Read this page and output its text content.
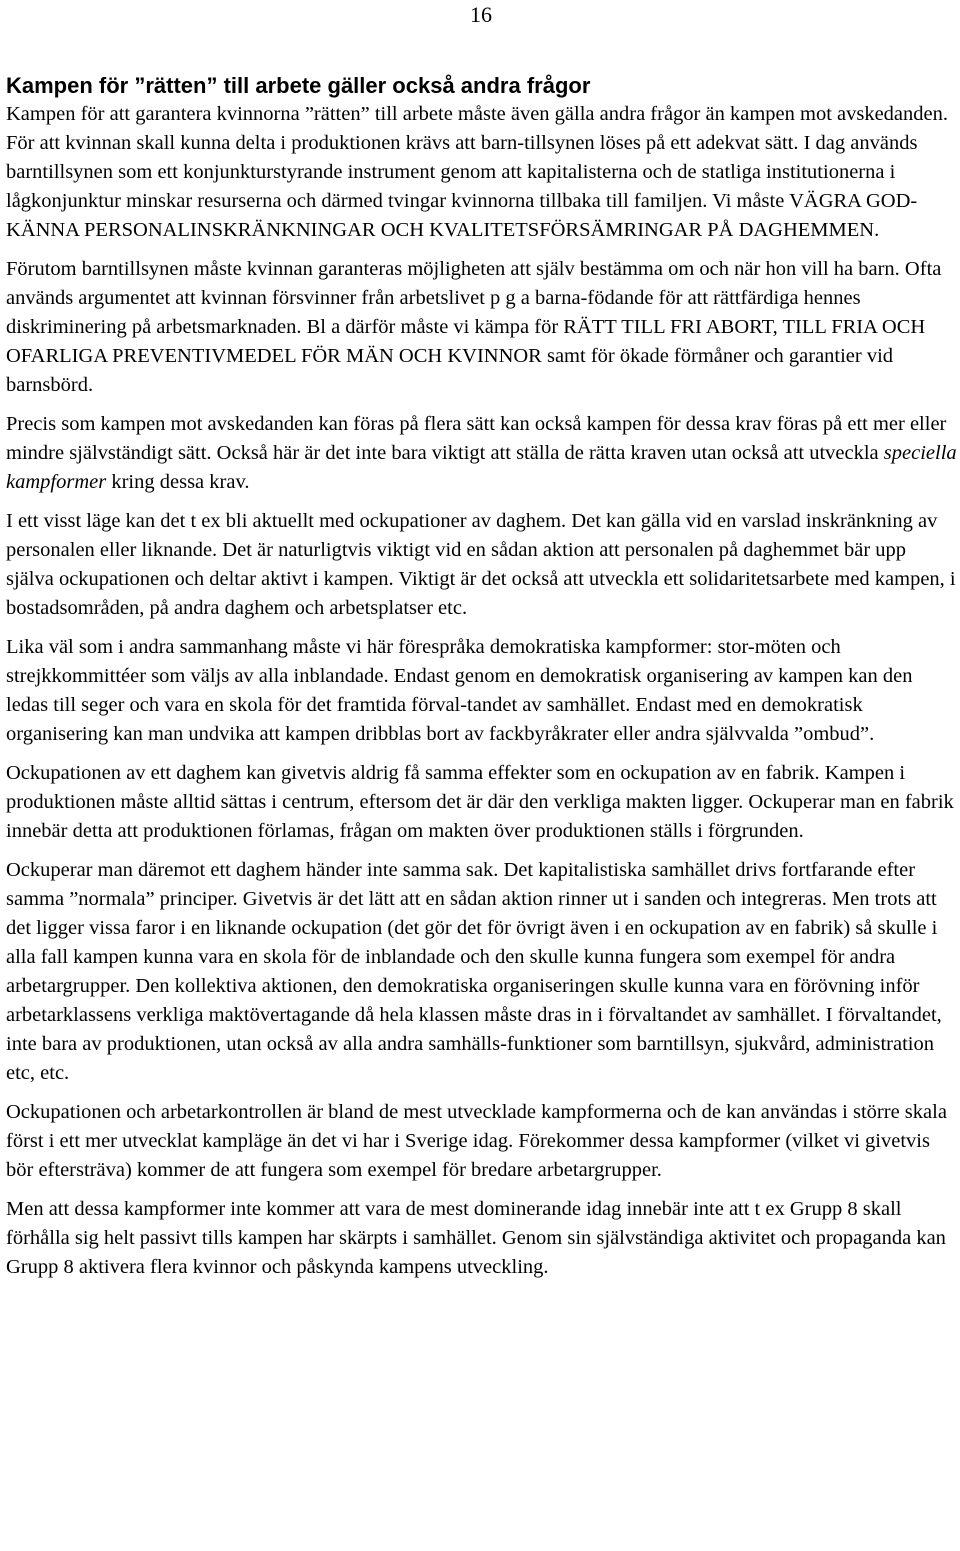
16
Kampen för ”rätten” till arbete gäller också andra frågor

Kampen för att garantera kvinnorna ”rätten” till arbete måste även gälla andra frågor än kampen mot avskedanden. För att kvinnan skall kunna delta i produktionen krävs att barn-tillsynen löses på ett adekvat sätt. I dag används barntillsynen som ett konjunkturstyrande instrument genom att kapitalisterna och de statliga institutionerna i lågkonjunktur minskar resurserna och därmed tvingar kvinnorna tillbaka till familjen. Vi måste VÄGRA GOD-KÄNNA PERSONALINSKRÄNKNINGAR OCH KVALITETSFÖRSÄMRINGAR PÅ DAGHEMMEN.

Förutom barntillsynen måste kvinnan garanteras möjligheten att själv bestämma om och när hon vill ha barn. Ofta används argumentet att kvinnan försvinner från arbetslivet p g a barna-födande för att rättfärdiga hennes diskriminering på arbetsmarknaden. Bl a därför måste vi kämpa för RÄTT TILL FRI ABORT, TILL FRIA OCH OFARLIGA PREVENTIVMEDEL FÖR MÄN OCH KVINNOR samt för ökade förmåner och garantier vid barnsbörd.

Precis som kampen mot avskedanden kan föras på flera sätt kan också kampen för dessa krav föras på ett mer eller mindre självständigt sätt. Också här är det inte bara viktigt att ställa de rätta kraven utan också att utveckla speciella kampformer kring dessa krav.

I ett visst läge kan det t ex bli aktuellt med ockupationer av daghem. Det kan gälla vid en varslad inskränkning av personalen eller liknande. Det är naturligtvis viktigt vid en sådan aktion att personalen på daghemmet bär upp själva ockupationen och deltar aktivt i kampen. Viktigt är det också att utveckla ett solidaritetsarbete med kampen, i bostadsområden, på andra daghem och arbetsplatser etc.

Lika väl som i andra sammanhang måste vi här förespråka demokratiska kampformer: stor-möten och strejkkommittéer som väljs av alla inblandade. Endast genom en demokratisk organisering av kampen kan den ledas till seger och vara en skola för det framtida förval-tandet av samhället. Endast med en demokratisk organisering kan man undvika att kampen dribblas bort av fackbyråkrater eller andra självvalda ”ombud”.

Ockupationen av ett daghem kan givetvis aldrig få samma effekter som en ockupation av en fabrik. Kampen i produktionen måste alltid sättas i centrum, eftersom det är där den verkliga makten ligger. Ockuperar man en fabrik innebär detta att produktionen förlamas, frågan om makten över produktionen ställs i förgrunden.

Ockuperar man däremot ett daghem händer inte samma sak. Det kapitalistiska samhället drivs fortfarande efter samma ”normala” principer. Givetvis är det lätt att en sådan aktion rinner ut i sanden och integreras. Men trots att det ligger vissa faror i en liknande ockupation (det gör det för övrigt även i en ockupation av en fabrik) så skulle i alla fall kampen kunna vara en skola för de inblandade och den skulle kunna fungera som exempel för andra arbetargrupper. Den kollektiva aktionen, den demokratiska organiseringen skulle kunna vara en förövning inför arbetarklassens verkliga maktövertagande då hela klassen måste dras in i förvaltandet av samhället. I förvaltandet, inte bara av produktionen, utan också av alla andra samhälls-funktioner som barntillsyn, sjukvård, administration etc, etc.

Ockupationen och arbetarkontrollen är bland de mest utvecklade kampformerna och de kan användas i större skala först i ett mer utvecklat kampläge än det vi har i Sverige idag. Förekommer dessa kampformer (vilket vi givetvis bör eftersträva) kommer de att fungera som exempel för bredare arbetargrupper.

Men att dessa kampformer inte kommer att vara de mest dominerande idag innebär inte att t ex Grupp 8 skall förhålla sig helt passivt tills kampen har skärpts i samhället. Genom sin självständiga aktivitet och propaganda kan Grupp 8 aktivera flera kvinnor och påskynda kampens utveckling.
